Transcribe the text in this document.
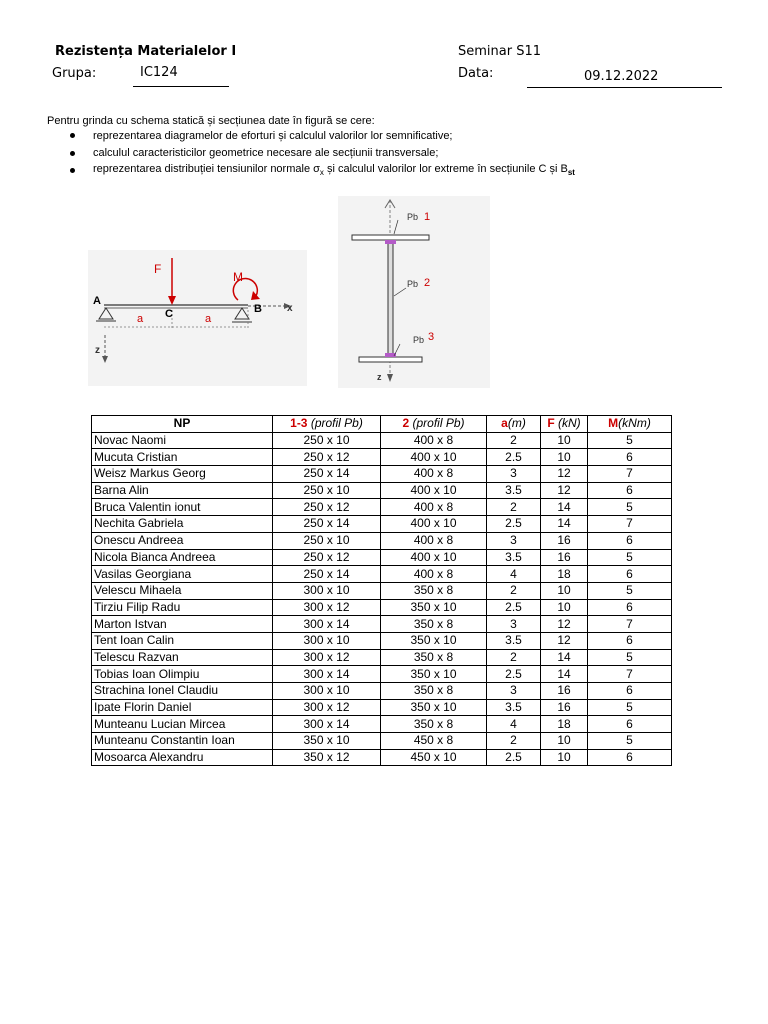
Rezistența Materialelor I
Grupa:	IC124
Seminar S11
Data:	09.12.2022
Pentru grinda cu schema statică și secțiunea date în figură se cere:
reprezentarea diagramelor de eforturi și calculul valorilor lor semnificative;
calculul caracteristicilor geometrice necesare ale secțiunii transversale;
reprezentarea distribuției tensiunilor normale $\sigma_x$ și calculul valorilor lor extreme în secțiunile C și $B_{st}$
F
M
A
C	B
a	a
x
z
Pb 1
Pb 2
Pb 3
z
NP	1-3 (profil Pb)	2 (profil Pb)	a(m)	F (kN)	M(kNm)
Novac Naomi	250 x 10	400 x 8	2	10	5
Mucuta Cristian	250 x 12	400 x 10	2.5	10	6
Weisz Markus Georg	250 x 14	400 x 8	3	12	7
Barna Alin	250 x 10	400 x 10	3.5	12	6
Bruca Valentin ionut	250 x 12	400 x 8	2	14	5
Nechita Gabriela	250 x 14	400 x 10	2.5	14	7
Onescu Andreea	250 x 10	400 x 8	3	16	6
Nicola Bianca Andreea	250 x 12	400 x 10	3.5	16	5
Vasilas Georgiana	250 x 14	400 x 8	4	18	6
Velescu Mihaela	300 x 10	350 x 8	2	10	5
Tirziu Filip Radu	300 x 12	350 x 10	2.5	10	6
Marton Istvan	300 x 14	350 x 8	3	12	7
Tent Ioan Calin	300 x 10	350 x 10	3.5	12	6
Telescu Razvan	300 x 12	350 x 8	2	14	5
Tobias Ioan Olimpiu	300 x 14	350 x 10	2.5	14	7
Strachina Ionel Claudiu	300 x 10	350 x 8	3	16	6
Ipate Florin Daniel	300 x 12	350 x 10	3.5	16	5
Munteanu Lucian Mircea	300 x 14	350 x 8	4	18	6
Munteanu Constantin Ioan	350 x 10	450 x 8	2	10	5
Mosoarca Alexandru	350 x 12	450 x 10	2.5	10	6
